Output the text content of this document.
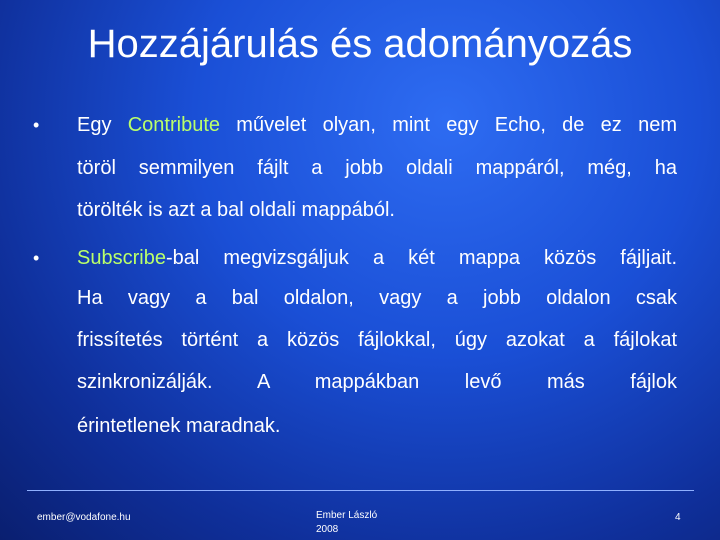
Hozzájárulás és adományozás
• Egy Contribute művelet olyan, mint egy Echo, de ez nem
töröl semmilyen fájlt a jobb oldali mappáról, még, ha
törölték is azt a bal oldali mappából.
• Subscribe-bal megvizsgáljuk a két mappa közös fájljait.
Ha vagy a bal oldalon, vagy a jobb oldalon csak
frissítetés történt a közös fájlokkal, úgy azokat a fájlokat
szinkronizálják. A mappákban levő más fájlok
érintetlenek maradnak.
ember@vodafone.hu	Ember László
2008
4
